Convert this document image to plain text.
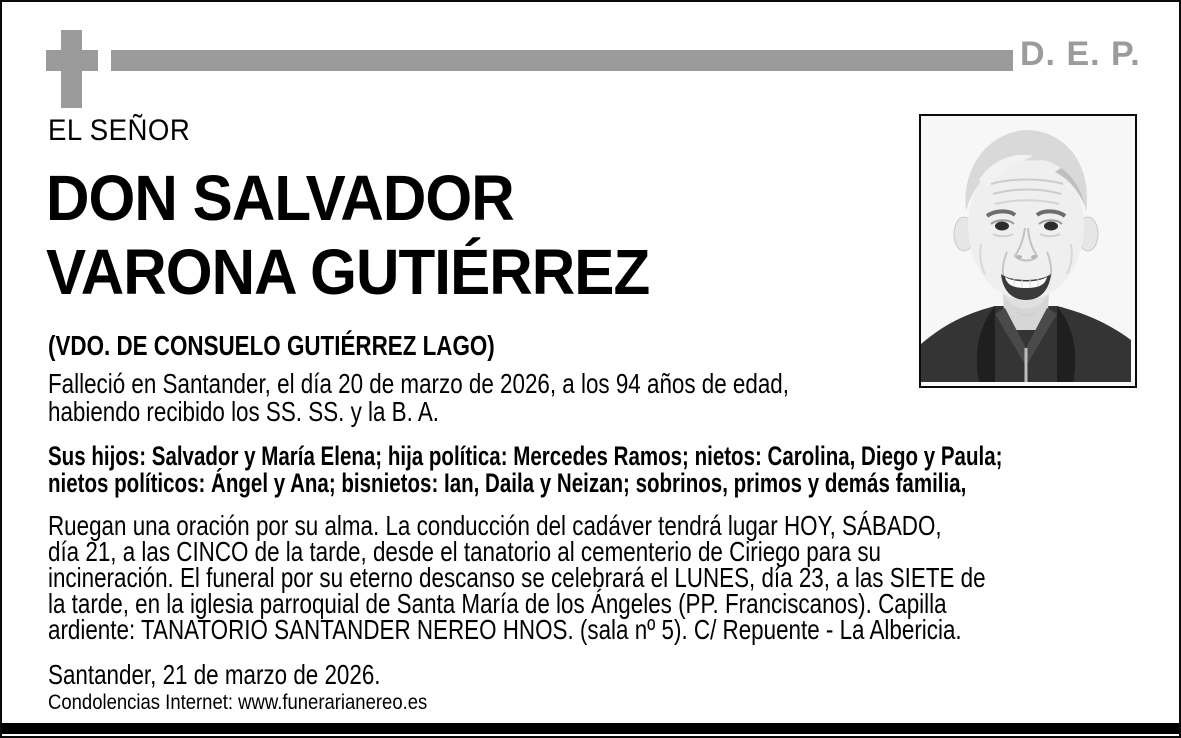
D. E. P.
EL SEÑOR
DON SALVADOR
VARONA GUTIÉRREZ
(VDO. DE CONSUELO GUTIÉRREZ LAGO)
Falleció en Santander, el día 20 de marzo de 2026, a los 94 años de edad,
habiendo recibido los SS. SS. y la B. A.
Sus hijos: Salvador y María Elena; hija política: Mercedes Ramos; nietos: Carolina, Diego y Paula;
nietos políticos: Ángel y Ana; bisnietos: Ian, Daila y Neizan; sobrinos, primos y demás familia,
Ruegan una oración por su alma. La conducción del cadáver tendrá lugar HOY, SÁBADO,
día 21, a las CINCO de la tarde, desde el tanatorio al cementerio de Ciriego para su
incineración. El funeral por su eterno descanso se celebrará el LUNES, día 23, a las SIETE de
la tarde, en la iglesia parroquial de Santa María de los Ángeles (PP. Franciscanos). Capilla
ardiente: TANATORIO SANTANDER NEREO HNOS. (sala nº 5). C/ Repuente - La Albericia.
Santander, 21 de marzo de 2026.
Condolencias Internet: www.funerarianereo.es
